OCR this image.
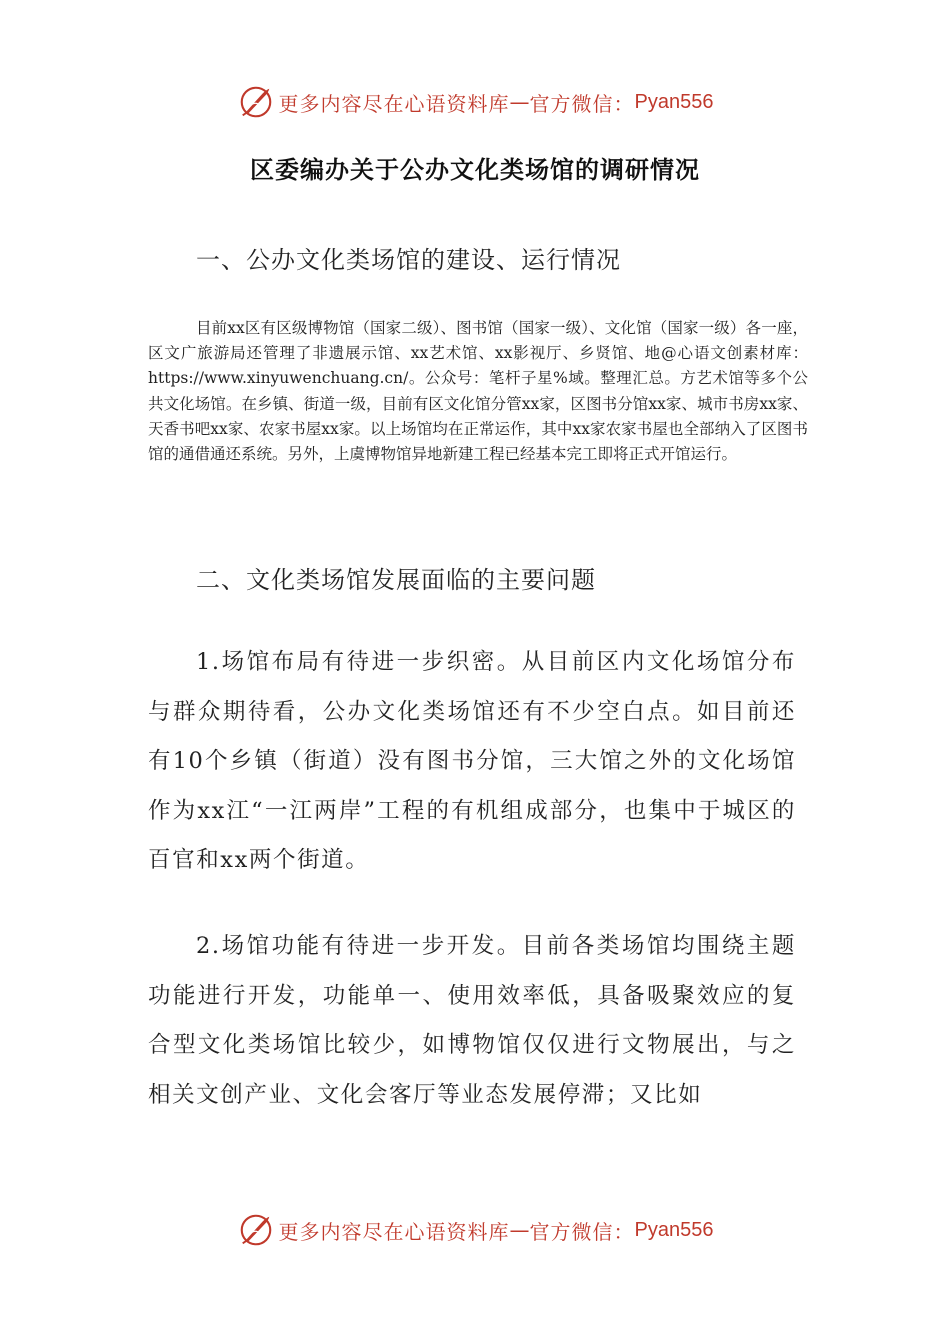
更多内容尽在心语资料库 — 官方微信： Pyan556
区委编办关于公办文化类场馆的调研情况
一、公办文化类场馆的建设、运行情况

目前xx区有区级博物馆（国家二级）、图书馆（国家一级）、文化馆（国家一级）各一座，区文广旅游局还管理了非遗展示馆、xx艺术馆、xx影视厅、乡贤馆、地@心语文创素材库：https://www.xinyuwenchuang.cn/。公众号：笔杆子星%域。整理汇总。方艺术馆等多个公共文化场馆。在乡镇、街道一级，目前有区文化馆分管xx家，区图书分馆xx家、城市书房xx家、天香书吧xx家、农家书屋xx家。以上场馆均在正常运作，其中xx家农家书屋也全部纳入了区图书馆的通借通还系统。另外，上虞博物馆异地新建工程已经基本完工即将正式开馆运行。

二、文化类场馆发展面临的主要问题

1.场馆布局有待进一步织密。从目前区内文化场馆分布与群众期待看，公办文化类场馆还有不少空白点。如目前还有10个乡镇（街道）没有图书分馆，三大馆之外的文化场馆作为xx江“一江两岸”工程的有机组成部分，也集中于城区的百官和xx两个街道。

2.场馆功能有待进一步开发。目前各类场馆均围绕主题功能进行开发，功能单一、使用效率低，具备吸聚效应的复合型文化类场馆比较少，如博物馆仅仅进行文物展出，与之相关文创产业、文化会客厅等业态发展停滞；又比如

更多内容尽在心语资料库 — 官方微信： Pyan556
